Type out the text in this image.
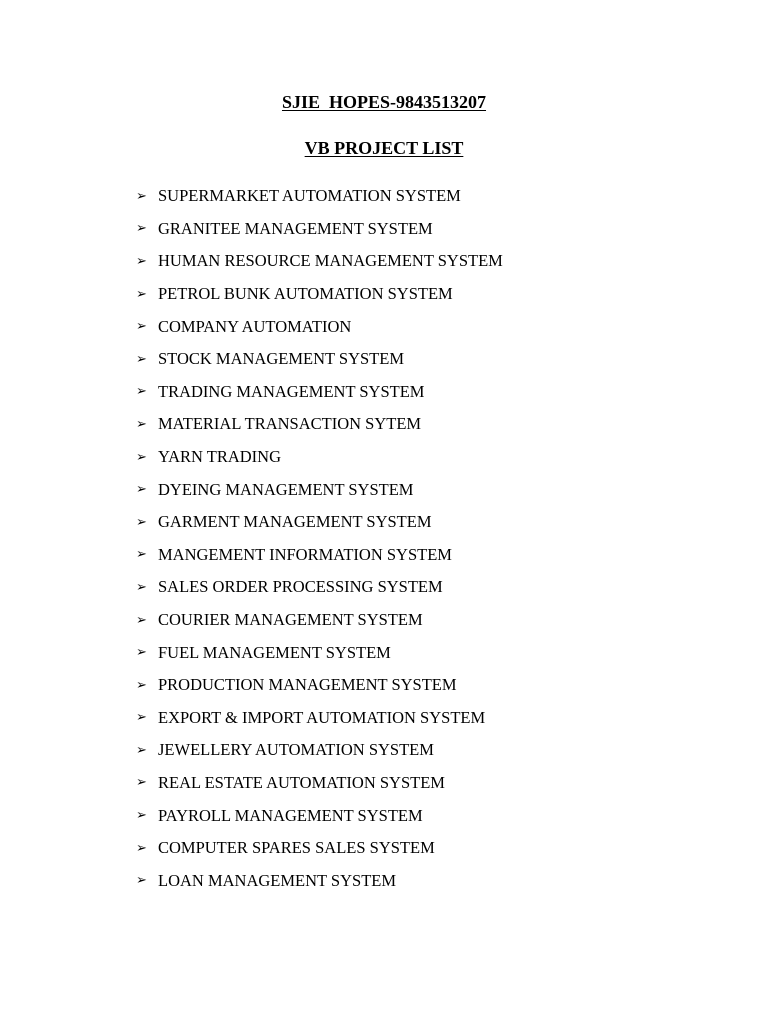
SJIE  HOPES-9843513207
VB PROJECT LIST
➢ SUPERMARKET AUTOMATION SYSTEM
➢ GRANITEE MANAGEMENT SYSTEM
➢ HUMAN RESOURCE MANAGEMENT SYSTEM
➢ PETROL BUNK AUTOMATION SYSTEM
➢ COMPANY AUTOMATION
➢ STOCK MANAGEMENT SYSTEM
➢ TRADING MANAGEMENT SYSTEM
➢ MATERIAL TRANSACTION SYTEM
➢ YARN TRADING
➢ DYEING MANAGEMENT SYSTEM
➢ GARMENT MANAGEMENT SYSTEM
➢ MANGEMENT INFORMATION SYSTEM
➢ SALES ORDER PROCESSING SYSTEM
➢ COURIER MANAGEMENT SYSTEM
➢ FUEL MANAGEMENT SYSTEM
➢ PRODUCTION MANAGEMENT SYSTEM
➢ EXPORT & IMPORT AUTOMATION SYSTEM
➢ JEWELLERY AUTOMATION SYSTEM
➢ REAL ESTATE AUTOMATION SYSTEM
➢ PAYROLL MANAGEMENT SYSTEM
➢ COMPUTER SPARES SALES SYSTEM
➢ LOAN MANAGEMENT SYSTEM
